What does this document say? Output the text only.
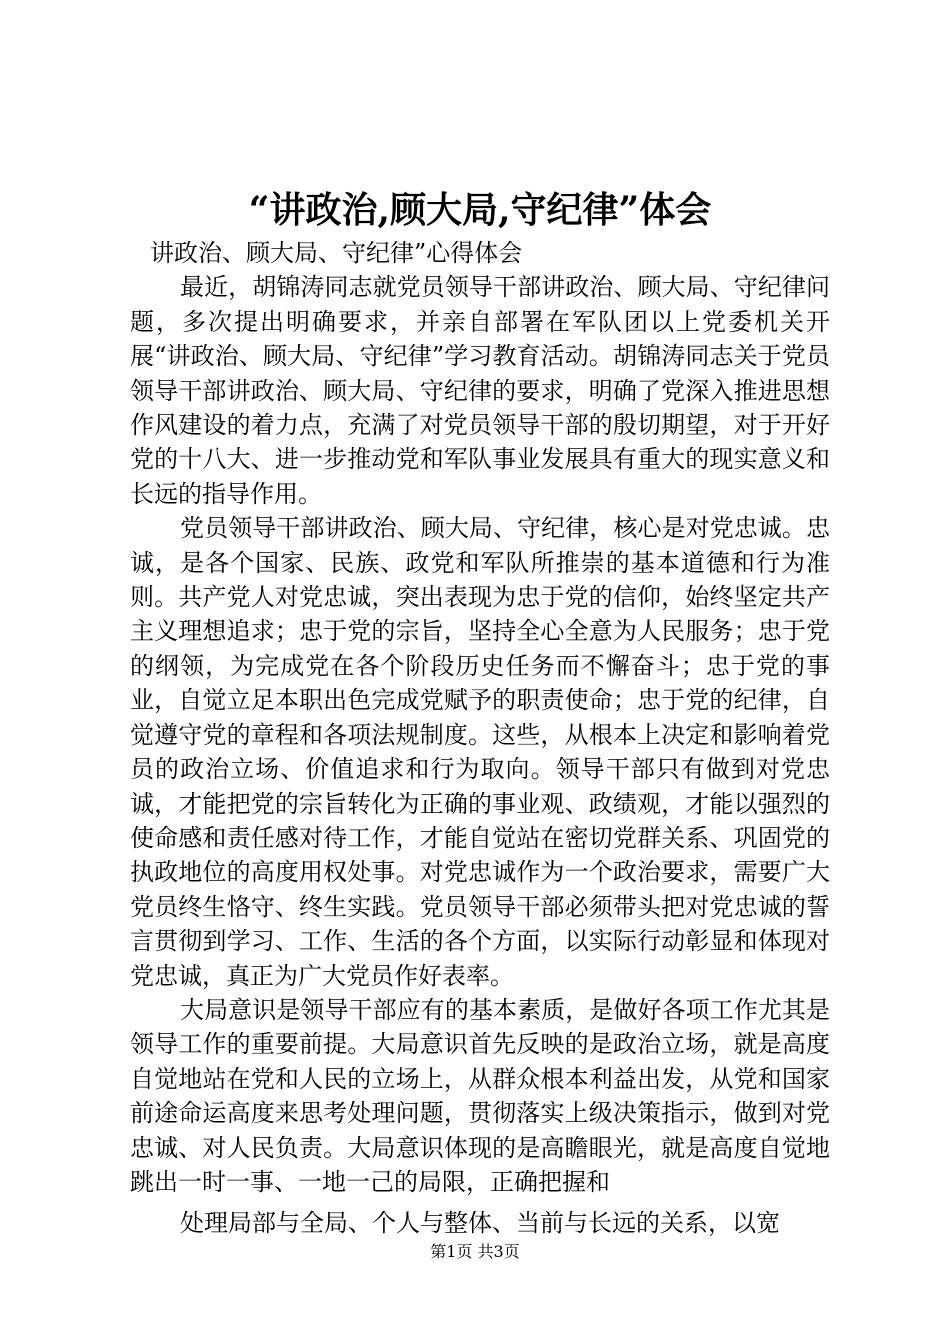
“讲政治,顾大局,守纪律”体会

讲政治、顾大局、守纪律”心得体会

最近，胡锦涛同志就党员领导干部讲政治、顾大局、守纪律问题，多次提出明确要求，并亲自部署在军队团以上党委机关开展“讲政治、顾大局、守纪律”学习教育活动。胡锦涛同志关于党员领导干部讲政治、顾大局、守纪律的要求，明确了党深入推进思想作风建设的着力点，充满了对党员领导干部的殷切期望，对于开好党的十八大、进一步推动党和军队事业发展具有重大的现实意义和长远的指导作用。

党员领导干部讲政治、顾大局、守纪律，核心是对党忠诚。忠诚，是各个国家、民族、政党和军队所推崇的基本道德和行为准则。共产党人对党忠诚，突出表现为忠于党的信仰，始终坚定共产主义理想追求；忠于党的宗旨，坚持全心全意为人民服务；忠于党的纲领，为完成党在各个阶段历史任务而不懈奋斗；忠于党的事业，自觉立足本职出色完成党赋予的职责使命；忠于党的纪律，自觉遵守党的章程和各项法规制度。这些，从根本上决定和影响着党员的政治立场、价值追求和行为取向。领导干部只有做到对党忠诚，才能把党的宗旨转化为正确的事业观、政绩观，才能以强烈的使命感和责任感对待工作，才能自觉站在密切党群关系、巩固党的执政地位的高度用权处事。对党忠诚作为一个政治要求，需要广大党员终生恪守、终生实践。党员领导干部必须带头把对党忠诚的誓言贯彻到学习、工作、生活的各个方面，以实际行动彰显和体现对党忠诚，真正为广大党员作好表率。

大局意识是领导干部应有的基本素质，是做好各项工作尤其是领导工作的重要前提。大局意识首先反映的是政治立场，就是高度自觉地站在党和人民的立场上，从群众根本利益出发，从党和国家前途命运高度来思考处理问题，贯彻落实上级决策指示，做到对党忠诚、对人民负责。大局意识体现的是高瞻眼光，就是高度自觉地跳出一时一事、一地一己的局限，正确把握和

处理局部与全局、个人与整体、当前与长远的关系，以宽

第1页 共3页
